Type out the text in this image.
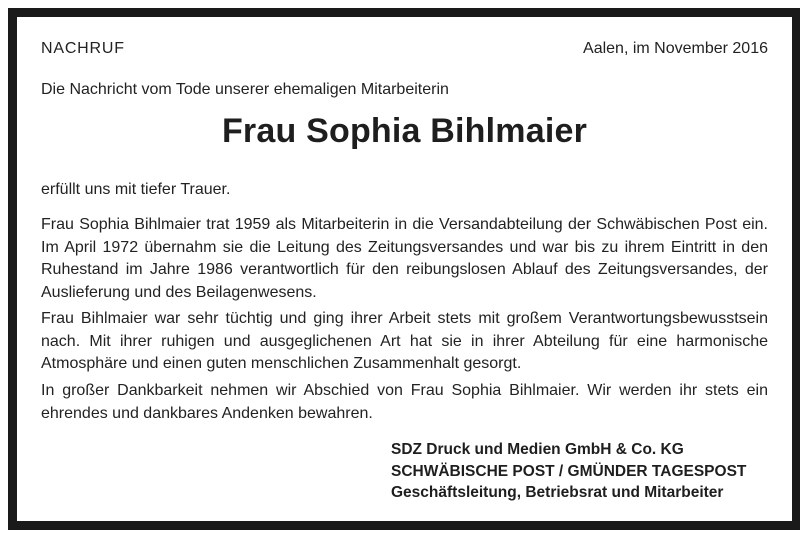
NACHRUF	Aalen, im November 2016
Die Nachricht vom Tode unserer ehemaligen Mitarbeiterin
Frau Sophia Bihlmaier
erfüllt uns mit tiefer Trauer.
Frau Sophia Bihlmaier trat 1959 als Mitarbeiterin in die Versandabteilung der Schwäbischen Post ein. Im April 1972 übernahm sie die Leitung des Zeitungsversandes und war bis zu ihrem Eintritt in den Ruhestand im Jahre 1986 verantwortlich für den reibungslosen Ablauf des Zeitungsversandes, der Auslieferung und des Beilagenwesens.
Frau Bihlmaier war sehr tüchtig und ging ihrer Arbeit stets mit großem Verantwortungsbewusstsein nach. Mit ihrer ruhigen und ausgeglichenen Art hat sie in ihrer Abteilung für eine harmonische Atmosphäre und einen guten menschlichen Zusammenhalt gesorgt.
In großer Dankbarkeit nehmen wir Abschied von Frau Sophia Bihlmaier. Wir werden ihr stets ein ehrendes und dankbares Andenken bewahren.
SDZ Druck und Medien GmbH & Co. KG
SCHWÄBISCHE POST / GMÜNDER TAGESPOST
Geschäftsleitung, Betriebsrat und Mitarbeiter
